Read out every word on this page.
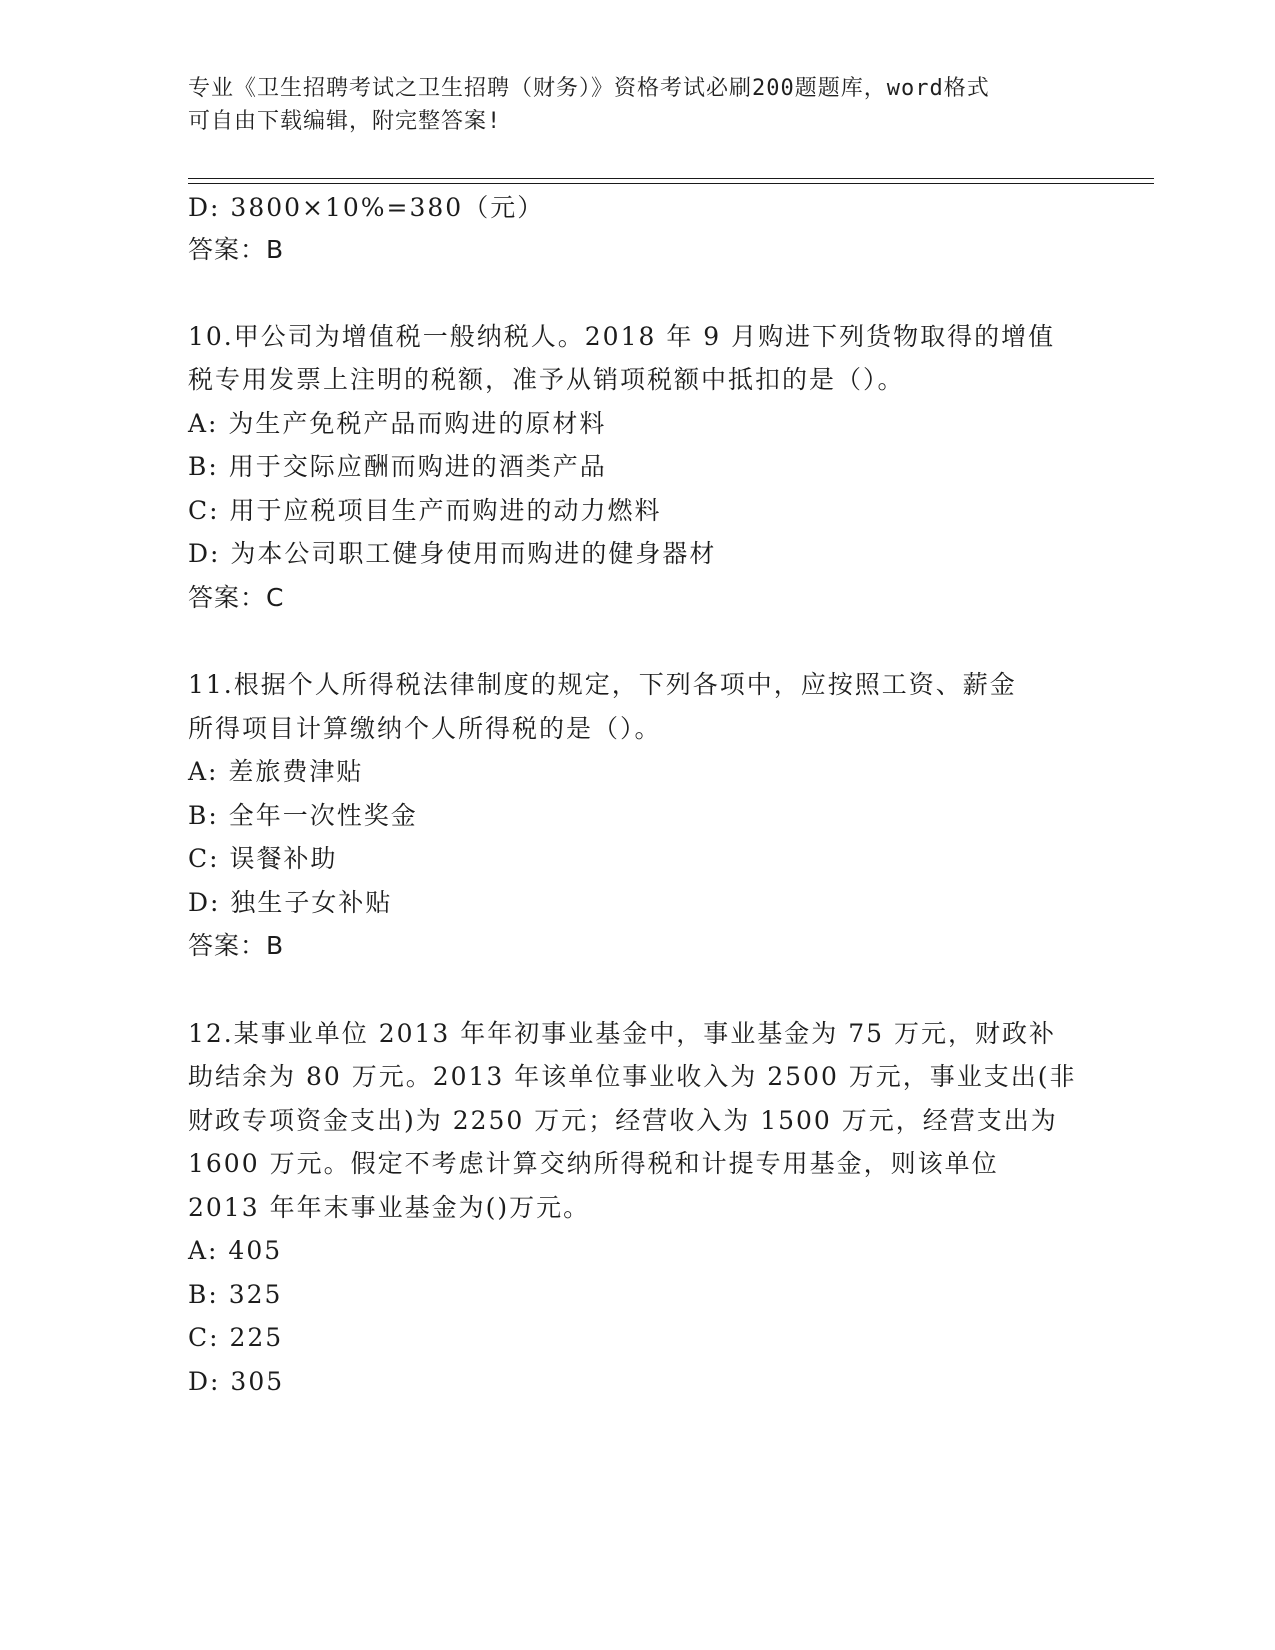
专业《卫生招聘考试之卫生招聘（财务）》资格考试必刷200题题库，word格式
可自由下载编辑，附完整答案!
D: 3800×10%=380（元）
答案：B
10.甲公司为增值税一般纳税人。2018 年 9 月购进下列货物取得的增值
税专用发票上注明的税额，准予从销项税额中抵扣的是（）。
A: 为生产免税产品而购进的原材料
B: 用于交际应酬而购进的酒类产品
C: 用于应税项目生产而购进的动力燃料
D: 为本公司职工健身使用而购进的健身器材
答案：C
11.根据个人所得税法律制度的规定，下列各项中，应按照工资、薪金
所得项目计算缴纳个人所得税的是（）。
A: 差旅费津贴
B: 全年一次性奖金
C: 误餐补助
D: 独生子女补贴
答案：B
12.某事业单位 2013 年年初事业基金中，事业基金为 75 万元，财政补
助结余为 80 万元。2013 年该单位事业收入为 2500 万元，事业支出(非
财政专项资金支出)为 2250 万元；经营收入为 1500 万元，经营支出为
1600 万元。假定不考虑计算交纳所得税和计提专用基金，则该单位
2013 年年末事业基金为()万元。
A: 405
B: 325
C: 225
D: 305
